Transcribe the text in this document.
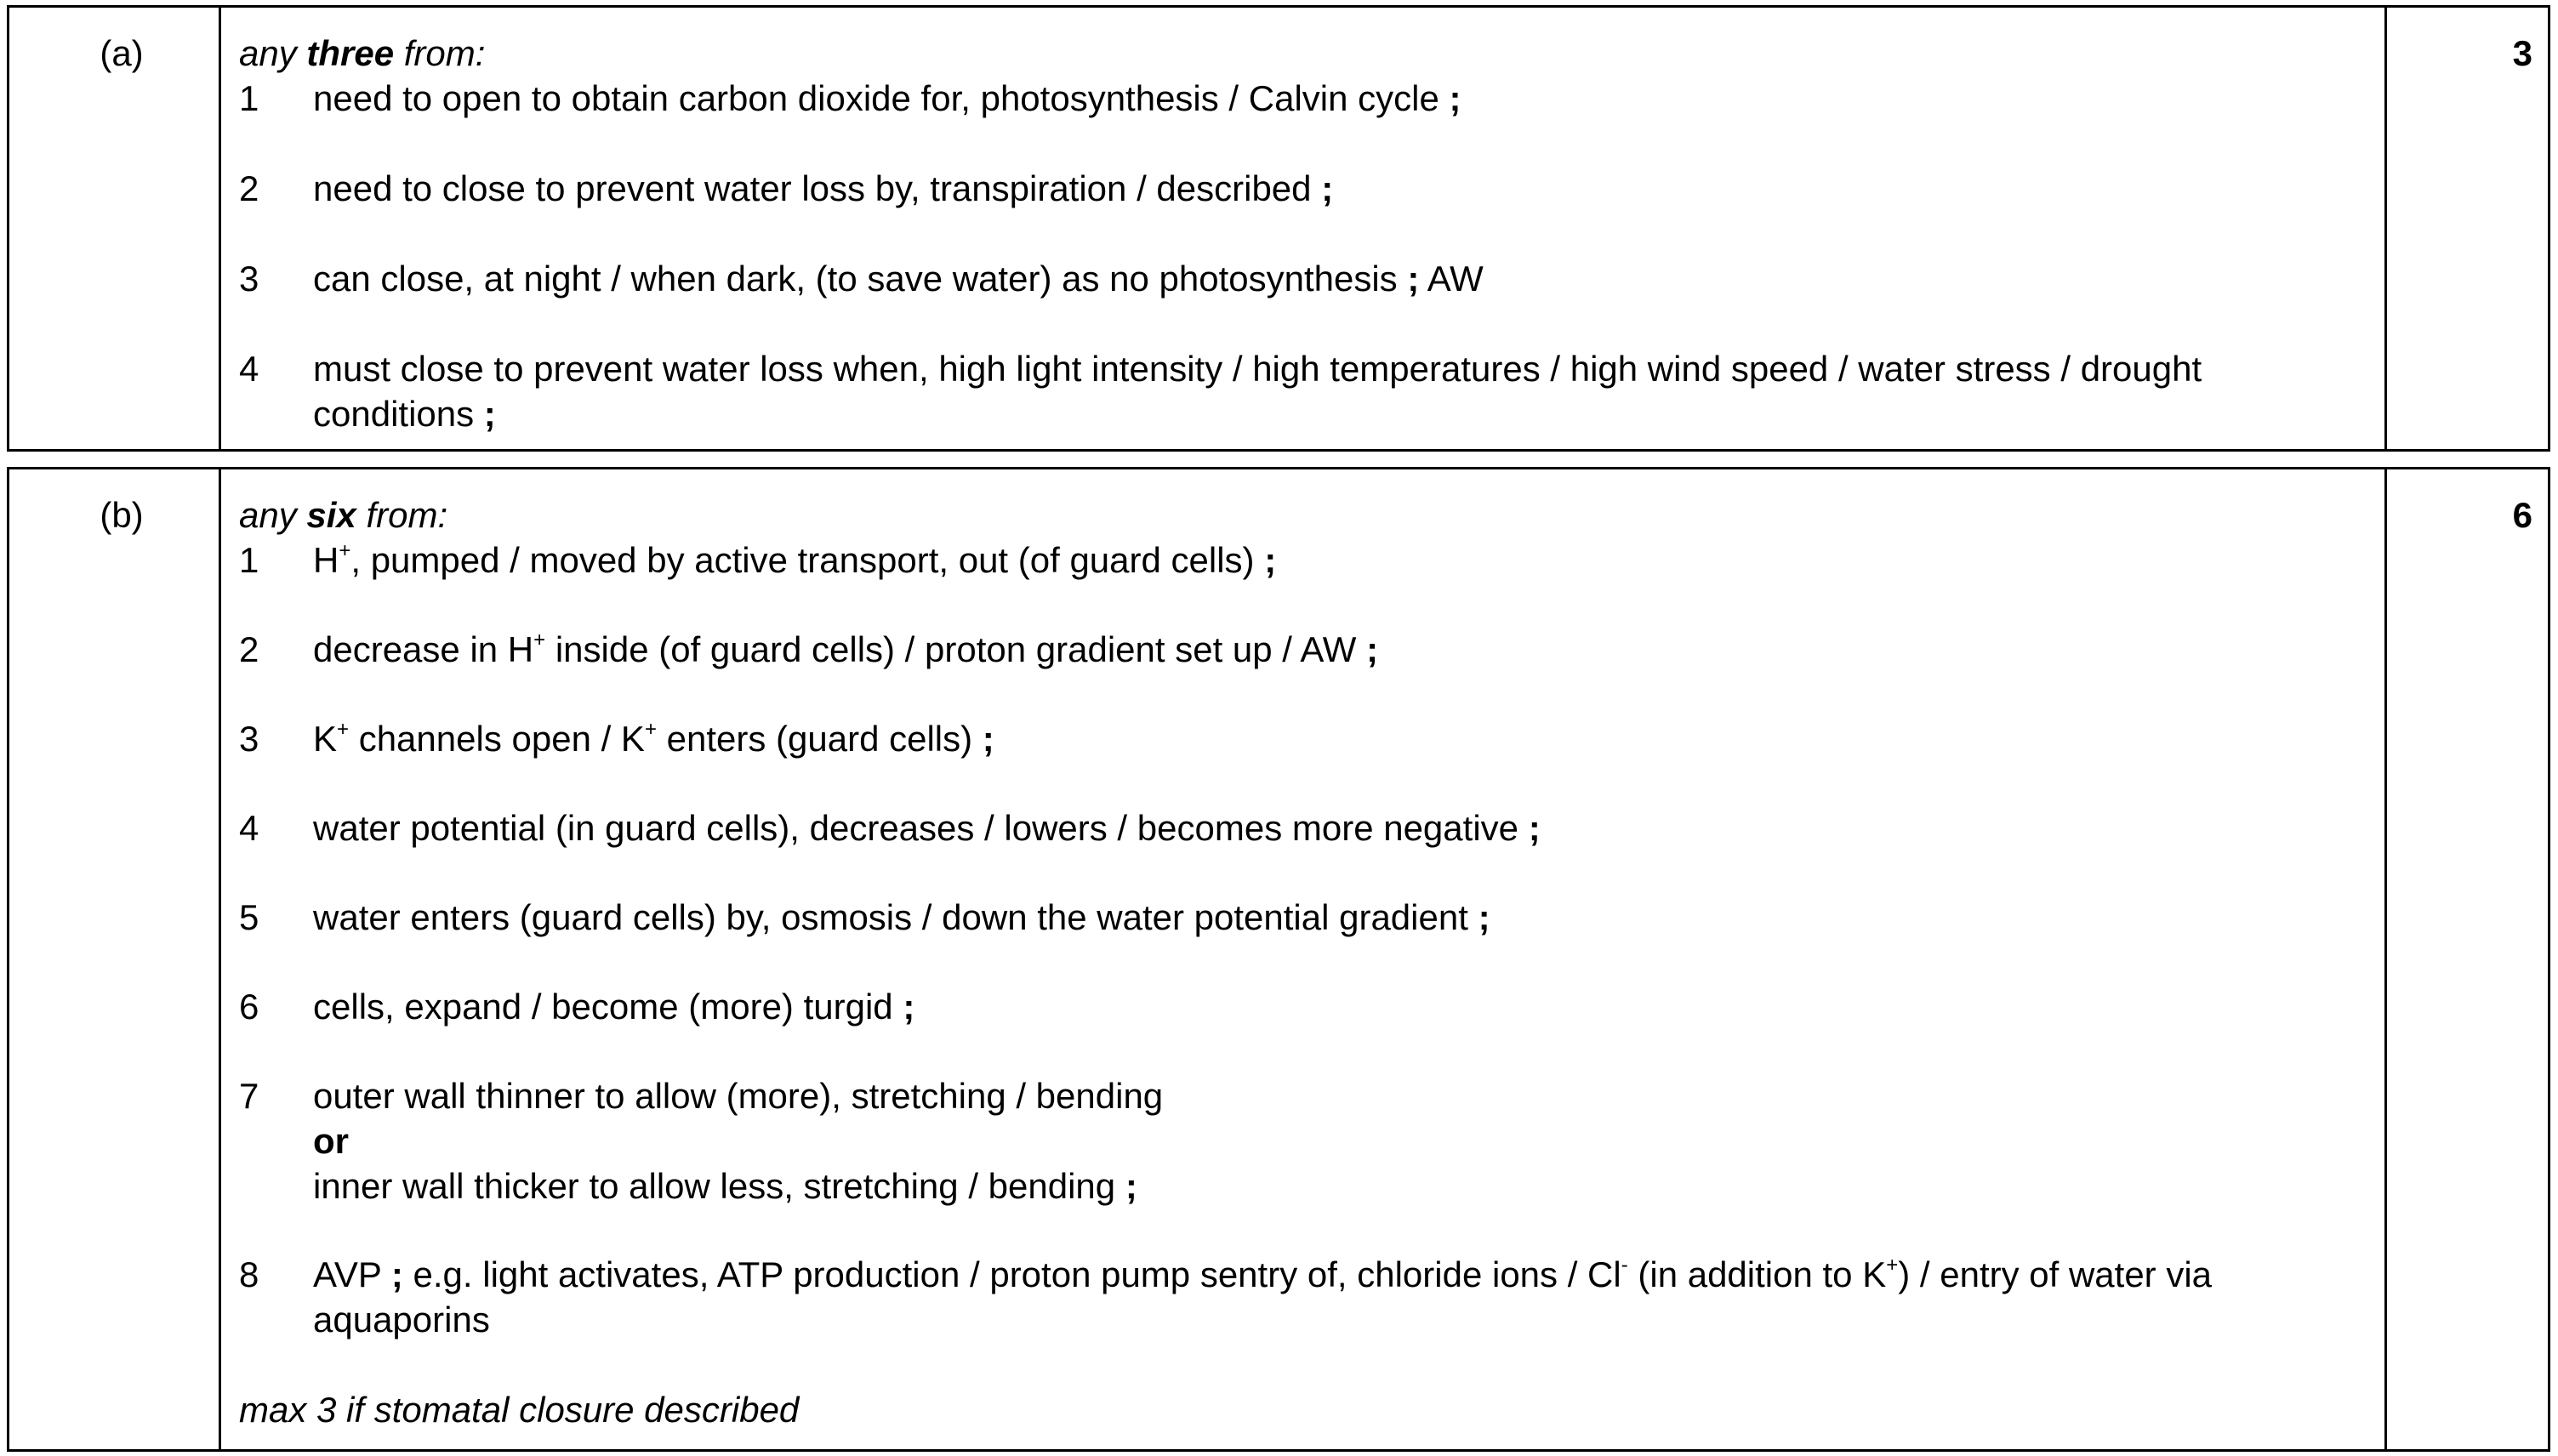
(a)	any three from:
1 need to open to obtain carbon dioxide for, photosynthesis / Calvin cycle ;
2 need to close to prevent water loss by, transpiration / described ;
3 can close, at night / when dark, (to save water) as no photosynthesis ; AW
4 must close to prevent water loss when, high light intensity / high temperatures / high wind speed / water stress / drought conditions ;
3
(b)	any six from:
1 H+, pumped / moved by active transport, out (of guard cells) ;
2 decrease in H+ inside (of guard cells) / proton gradient set up / AW ;
3 K+ channels open / K+ enters (guard cells) ;
4 water potential (in guard cells), decreases / lowers / becomes more negative ;
5 water enters (guard cells) by, osmosis / down the water potential gradient ;
6 cells, expand / become (more) turgid ;
7 outer wall thinner to allow (more), stretching / bending
or
inner wall thicker to allow less, stretching / bending ;
8 AVP ; e.g. light activates, ATP production / proton pump sentry of, chloride ions / Cl- (in addition to K+) / entry of water via aquaporins
max 3 if stomatal closure described
6
